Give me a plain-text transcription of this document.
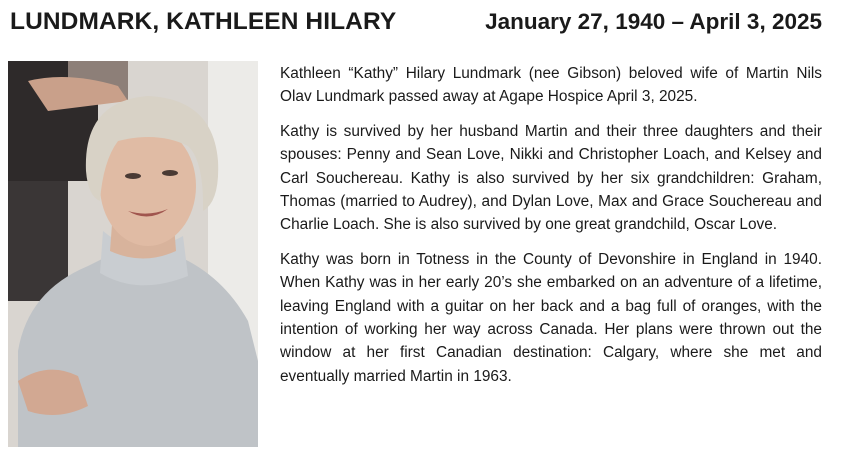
LUNDMARK, KATHLEEN HILARY	January 27, 1940 – April 3, 2025

Kathleen “Kathy” Hilary Lundmark (nee Gibson) beloved wife of Martin Nils Olav Lundmark passed away at Agape Hospice April 3, 2025.

Kathy is survived by her husband Martin and their three daughters and their spouses: Penny and Sean Love, Nikki and Christopher Loach, and Kelsey and Carl Souchereau. Kathy is also survived by her six grandchildren: Graham, Thomas (married to Audrey), and Dylan Love, Max and Grace Souchereau and Charlie Loach. She is also survived by one great grandchild, Oscar Love.

Kathy was born in Totness in the County of Devonshire in England in 1940. When Kathy was in her early 20’s she embarked on an adventure of a lifetime, leaving England with a guitar on her back and a bag full of oranges, with the intention of working her way across Canada. Her plans were thrown out the window at her first Canadian destination: Calgary, where she met and eventually married Martin in 1963.
